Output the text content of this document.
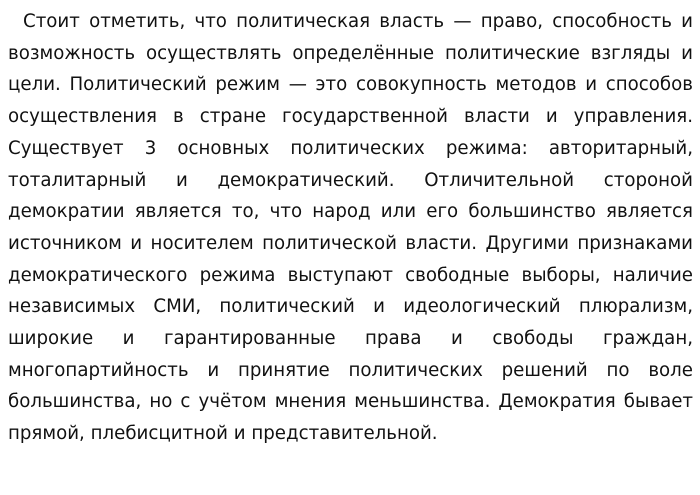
Стоит отметить, что политическая власть — право, способность и возможность осуществлять определённые политические взгляды и цели. Политический режим — это совокупность методов и способов осуществления в стране государственной власти и управления. Существует 3 основных политических режима: авторитарный, тоталитарный и демократический. Отличительной стороной демократии является то, что народ или его большинство является источником и носителем политической власти. Другими признаками демократического режима выступают свободные выборы, наличие независимых СМИ, политический и идеологический плюрализм, широкие и гарантированные права и свободы граждан, многопартийность и принятие политических решений по воле большинства, но с учётом мнения меньшинства. Демократия бывает прямой, плебисцитной и представительной.
